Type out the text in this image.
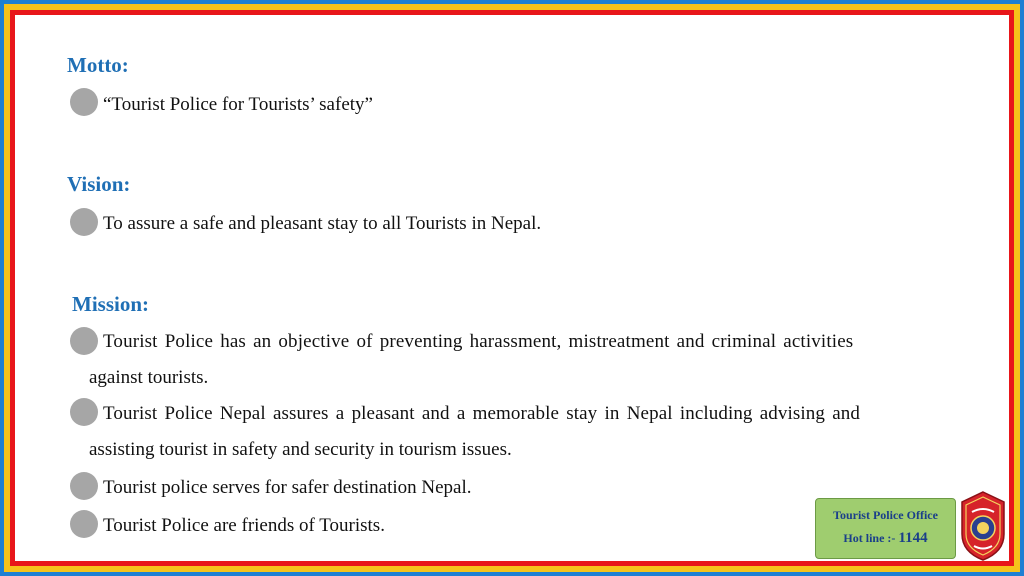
Motto:
“Tourist Police for Tourists’ safety”
Vision:
To assure a safe and pleasant stay to all Tourists in Nepal.
Mission:
Tourist Police has an objective of preventing harassment, mistreatment and criminal activities
against tourists.
Tourist Police Nepal assures a pleasant and a memorable stay in Nepal including advising and
assisting tourist in safety and security in tourism issues.
Tourist police serves for safer destination Nepal.
Tourist Police are friends of Tourists.	Tourist Police Office
Hot line :- 1144
